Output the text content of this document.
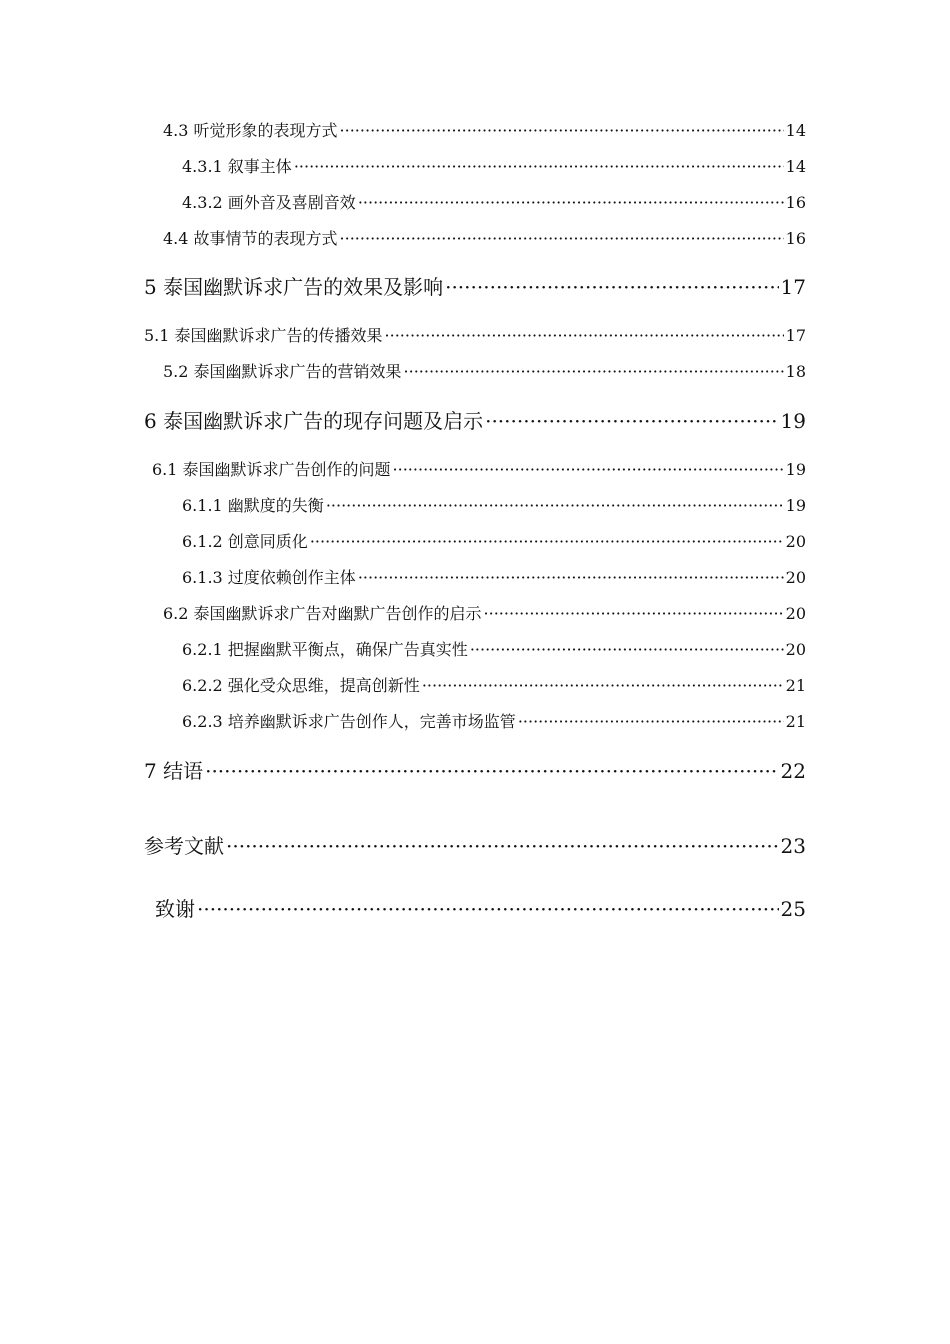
4.3 听觉形象的表现方式 ·····	14
4.3.1 叙事主体 ·····	14
4.3.2 画外音及喜剧音效 ·····	16
4.4 故事情节的表现方式 ·····	16
5 泰国幽默诉求广告的效果及影响 ·····	17
5.1 泰国幽默诉求广告的传播效果 ·····	17
5.2 泰国幽默诉求广告的营销效果 ·····	18
6 泰国幽默诉求广告的现存问题及启示 ·····	19
6.1 泰国幽默诉求广告创作的问题 ·····	19
6.1.1 幽默度的失衡 ·····	19
6.1.2 创意同质化 ·····	20
6.1.3 过度依赖创作主体 ·····	20
6.2 泰国幽默诉求广告对幽默广告创作的启示 ·····	20
6.2.1 把握幽默平衡点，确保广告真实性 ·····	20
6.2.2 强化受众思维，提高创新性 ·····	21
6.2.3 培养幽默诉求广告创作人，完善市场监管 ·····	21
7 结语 ·····	22
参考文献 ·····	23
致谢 ·····	25
